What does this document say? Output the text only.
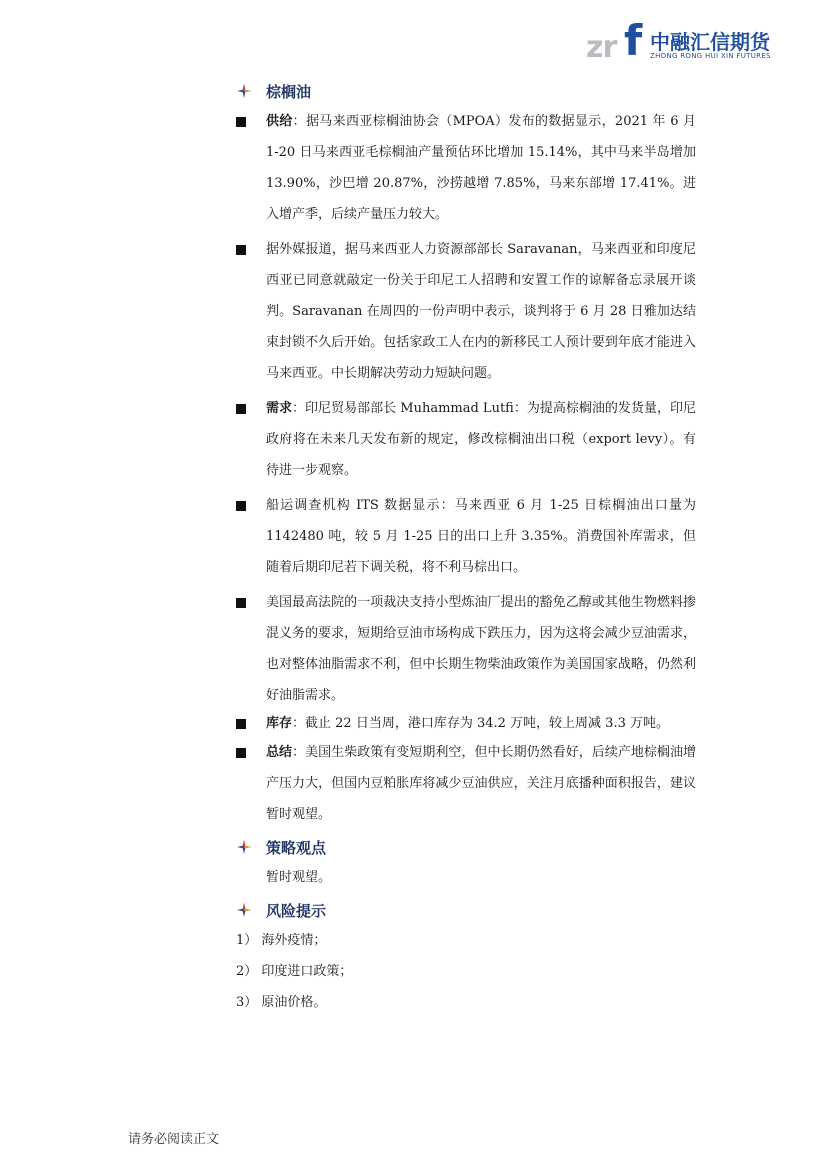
zr f 中融汇信期货
ZHONG RONG HUI XIN FUTURES
棕榈油
供给：据马来西亚棕榈油协会（MPOA）发布的数据显示，2021 年 6 月 1-20 日马来西亚毛棕榈油产量预估环比增加 15.14%，其中马来半岛增加 13.90%，沙巴增 20.87%，沙捞越增 7.85%，马来东部增 17.41%。进入增产季，后续产量压力较大。
据外媒报道，据马来西亚人力资源部部长 Saravanan，马来西亚和印度尼西亚已同意就敲定一份关于印尼工人招聘和安置工作的谅解备忘录展开谈判。Saravanan 在周四的一份声明中表示，谈判将于 6 月 28 日雅加达结束封锁不久后开始。包括家政工人在内的新移民工人预计要到年底才能进入马来西亚。中长期解决劳动力短缺问题。
需求：印尼贸易部部长 Muhammad Lutfi：为提高棕榈油的发货量，印尼政府将在未来几天发布新的规定，修改棕榈油出口税（export levy）。有待进一步观察。
船运调查机构 ITS 数据显示：马来西亚 6 月 1-25 日棕榈油出口量为 1142480 吨，较 5 月 1-25 日的出口上升 3.35%。消费国补库需求，但随着后期印尼若下调关税，将不利马棕出口。
美国最高法院的一项裁决支持小型炼油厂提出的豁免乙醇或其他生物燃料掺混义务的要求，短期给豆油市场构成下跌压力，因为这将会减少豆油需求，也对整体油脂需求不利，但中长期生物柴油政策作为美国国家战略，仍然利好油脂需求。
库存：截止 22 日当周，港口库存为 34.2 万吨，较上周减 3.3 万吨。
总结：美国生柴政策有变短期利空，但中长期仍然看好，后续产地棕榈油增产压力大，但国内豆粕胀库将减少豆油供应，关注月底播种面积报告，建议暂时观望。
策略观点
暂时观望。
风险提示
1） 海外疫情；
2） 印度进口政策；
3） 原油价格。
请务必阅读正文
